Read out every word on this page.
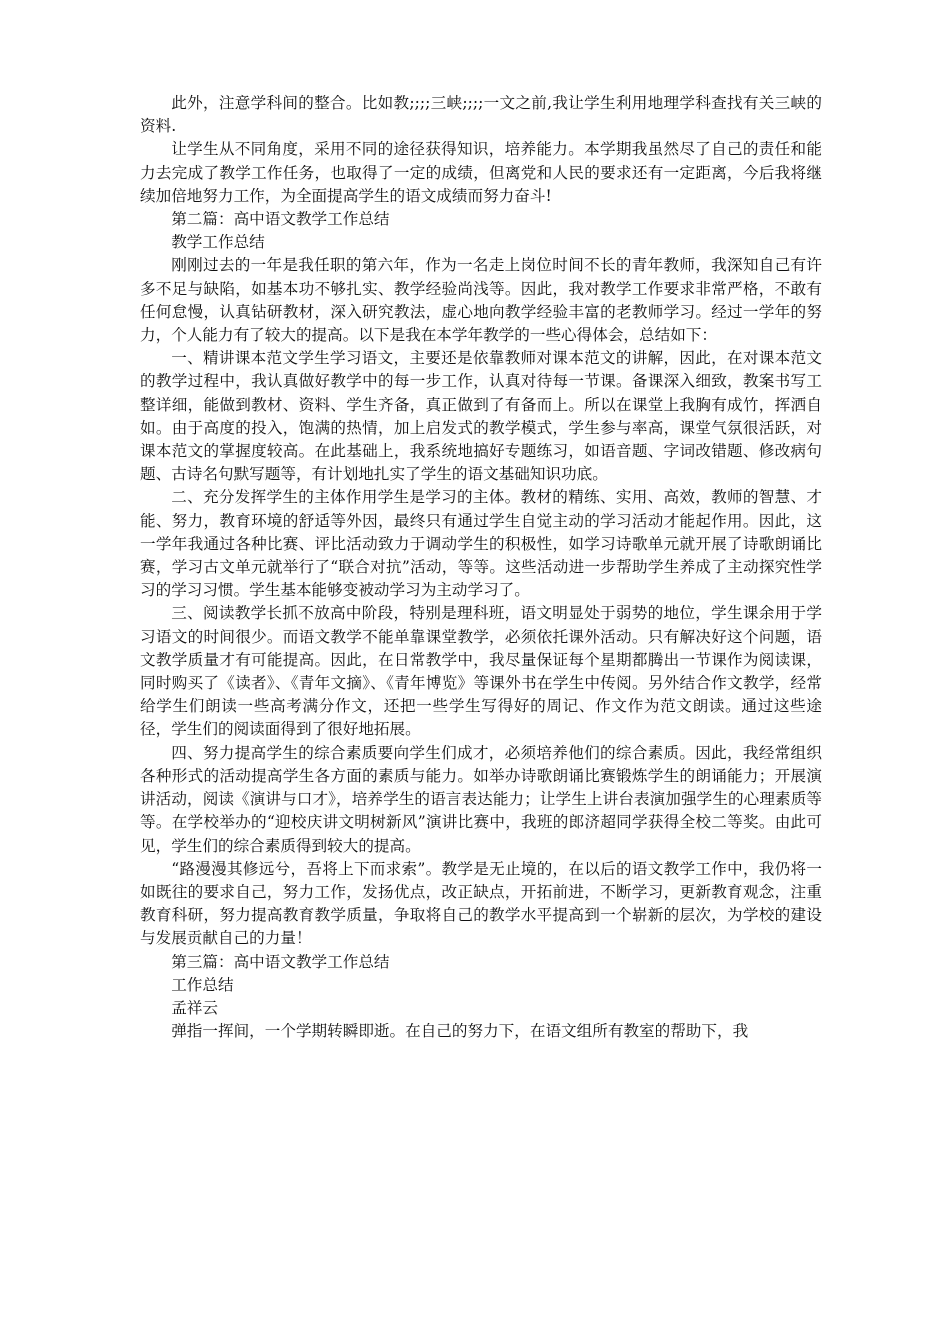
此外，注意学科间的整合。比如教;;;;三峡;;;;一文之前,我让学生利用地理学科查找有关三峡的资料.

让学生从不同角度，采用不同的途径获得知识，培养能力。本学期我虽然尽了自己的责任和能力去完成了教学工作任务，也取得了一定的成绩，但离党和人民的要求还有一定距离，今后我将继续加倍地努力工作，为全面提高学生的语文成绩而努力奋斗!

第二篇：高中语文教学工作总结

教学工作总结

刚刚过去的一年是我任职的第六年，作为一名走上岗位时间不长的青年教师，我深知自己有许多不足与缺陷，如基本功不够扎实、教学经验尚浅等。因此，我对教学工作要求非常严格，不敢有任何怠慢，认真钻研教材，深入研究教法，虚心地向教学经验丰富的老教师学习。经过一学年的努力，个人能力有了较大的提高。以下是我在本学年教学的一些心得体会，总结如下：

一、精讲课本范文学生学习语文，主要还是依靠教师对课本范文的讲解，因此，在对课本范文的教学过程中，我认真做好教学中的每一步工作，认真对待每一节课。备课深入细致，教案书写工整详细，能做到教材、资料、学生齐备，真正做到了有备而上。所以在课堂上我胸有成竹，挥洒自如。由于高度的投入，饱满的热情，加上启发式的教学模式，学生参与率高，课堂气氛很活跃，对课本范文的掌握度较高。在此基础上，我系统地搞好专题练习，如语音题、字词改错题、修改病句题、古诗名句默写题等，有计划地扎实了学生的语文基础知识功底。

二、充分发挥学生的主体作用学生是学习的主体。教材的精练、实用、高效，教师的智慧、才能、努力，教育环境的舒适等外因，最终只有通过学生自觉主动的学习活动才能起作用。因此，这一学年我通过各种比赛、评比活动致力于调动学生的积极性，如学习诗歌单元就开展了诗歌朗诵比赛，学习古文单元就举行了“联合对抗”活动，等等。这些活动进一步帮助学生养成了主动探究性学习的学习习惯。学生基本能够变被动学习为主动学习了。

三、阅读教学长抓不放高中阶段，特别是理科班，语文明显处于弱势的地位，学生课余用于学习语文的时间很少。而语文教学不能单靠课堂教学，必须依托课外活动。只有解决好这个问题，语文教学质量才有可能提高。因此，在日常教学中，我尽量保证每个星期都腾出一节课作为阅读课，同时购买了《读者》、《青年文摘》、《青年博览》等课外书在学生中传阅。另外结合作文教学，经常给学生们朗读一些高考满分作文，还把一些学生写得好的周记、作文作为范文朗读。通过这些途径，学生们的阅读面得到了很好地拓展。

四、努力提高学生的综合素质要向学生们成才，必须培养他们的综合素质。因此，我经常组织各种形式的活动提高学生各方面的素质与能力。如举办诗歌朗诵比赛锻炼学生的朗诵能力；开展演讲活动，阅读《演讲与口才》，培养学生的语言表达能力；让学生上讲台表演加强学生的心理素质等等。在学校举办的“迎校庆讲文明树新风”演讲比赛中，我班的郎济超同学获得全校二等奖。由此可见，学生们的综合素质得到较大的提高。

“路漫漫其修远兮，吾将上下而求索”。教学是无止境的，在以后的语文教学工作中，我仍将一如既往的要求自己，努力工作，发扬优点，改正缺点，开拓前进，不断学习，更新教育观念，注重教育科研，努力提高教育教学质量，争取将自己的教学水平提高到一个崭新的层次，为学校的建设与发展贡献自己的力量！

第三篇：高中语文教学工作总结

工作总结

孟祥云

弹指一挥间，一个学期转瞬即逝。在自己的努力下，在语文组所有教室的帮助下，我
